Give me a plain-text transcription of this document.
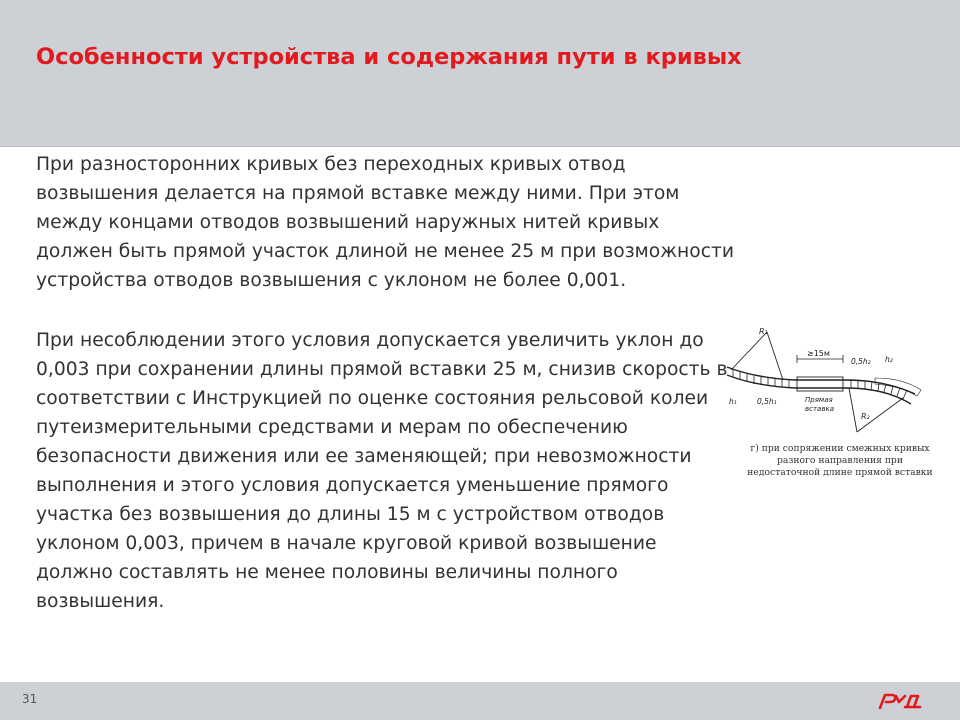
Особенности устройства и содержания пути в кривых

При разносторонних кривых без переходных кривых отвод возвышения делается на прямой вставке между ними. При этом между концами отводов возвышений наружных нитей кривых должен быть прямой участок длиной не менее 25 м при возможности устройства отводов возвышения с уклоном не более 0,001.

При несоблюдении этого условия допускается увеличить уклон до 0,003 при сохранении длины прямой вставки 25 м, снизив скорость в соответствии с Инструкцией по оценке состояния рельсовой колеи путеизмерительными средствами и мерам по обеспечению безопасности движения или ее заменяющей; при невозможности выполнения и этого условия допускается уменьшение прямого участка без возвышения до длины 15 м с устройством отводов уклоном 0,003, причем в начале круговой кривой возвышение должно составлять не менее половины величины полного возвышения.

R₁
≥15м
0,5h₂ h₂
h₁	0,5h₁	Прямая
вставка
R₂
г) при сопряжении смежных кривых разного направления при недостаточной длине прямой вставки
31
